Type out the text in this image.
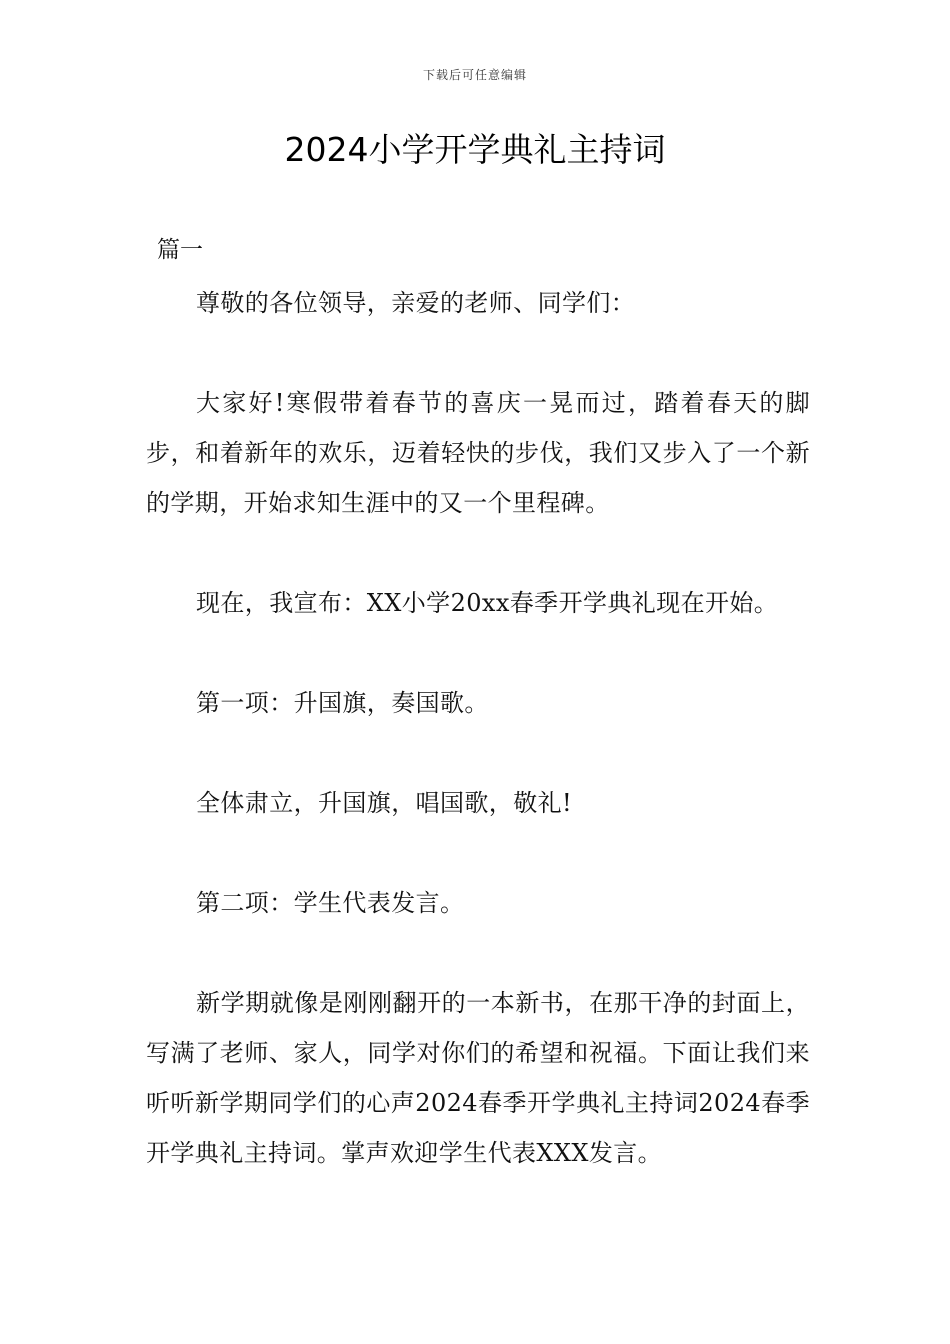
下载后可任意编辑
2024小学开学典礼主持词
篇一

尊敬的各位领导，亲爱的老师、同学们：

大家好!寒假带着春节的喜庆一晃而过，踏着春天的脚步，和着新年的欢乐，迈着轻快的步伐，我们又步入了一个新的学期，开始求知生涯中的又一个里程碑。

现在，我宣布：XX小学20xx春季开学典礼现在开始。

第一项：升国旗，奏国歌。

全体肃立，升国旗，唱国歌，敬礼!

第二项：学生代表发言。

新学期就像是刚刚翻开的一本新书，在那干净的封面上，写满了老师、家人，同学对你们的希望和祝福。下面让我们来听听新学期同学们的心声2024春季开学典礼主持词2024春季开学典礼主持词。掌声欢迎学生代表XXX发言。
